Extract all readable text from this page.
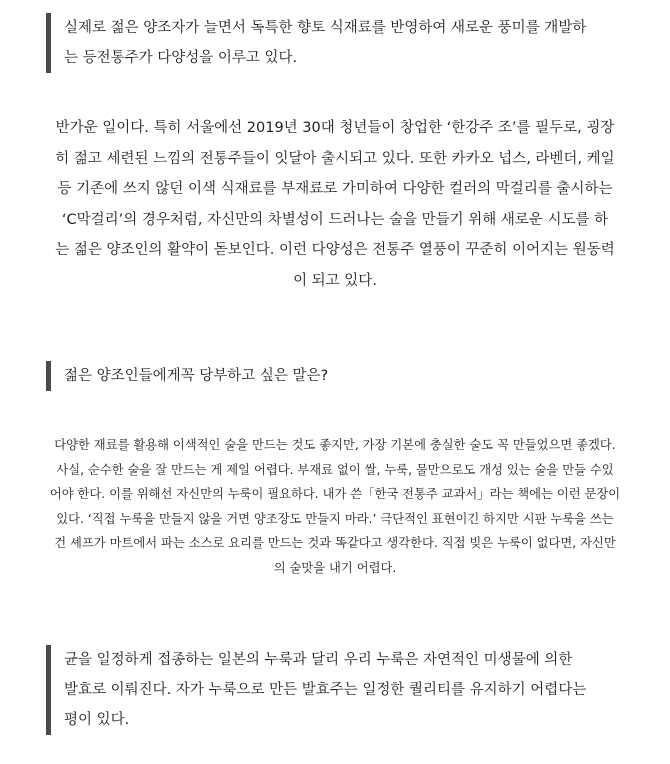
실제로 젊은 양조자가 늘면서 독특한 향토 식재료를 반영하여 새로운 풍미를 개발하
는 등전통주가 다양성을 이루고 있다.

반가운 일이다. 특히 서울에선 2019년 30대 청년들이 창업한 ‘한강주 조’를 필두로, 굉장
히 젊고 세련된 느낌의 전통주들이 잇달아 출시되고 있다. 또한 카카오 넙스, 라벤더, 케일
등 기존에 쓰지 않던 이색 식재료를 부재료로 가미하여 다양한 컬러의 막걸리를 출시하는
‘C막걸리’의 경우처럼, 자신만의 차별성이 드러나는 술을 만들기 위해 새로운 시도를 하
는 젊은 양조인의 활약이 돋보인다. 이런 다양성은 전통주 열풍이 꾸준히 이어지는 원동력
이 되고 있다.

젊은 양조인들에게꼭 당부하고 싶은 말은?

다양한 재료를 활용해 이색적인 술을 만드는 것도 좋지만, 가장 기본에 충실한 술도 꼭 만들었으면 좋겠다.
사실, 순수한 술을 잘 만드는 게 제일 어렵다. 부재료 없이 쌀, 누룩, 물만으로도 개성 있는 술을 만들 수있
어야 한다. 이를 위해선 자신만의 누룩이 필요하다. 내가 쓴「한국 전통주 교과서」라는 책에는 이런 문장이
있다. ‘직접 누룩을 만들지 않을 거면 양조장도 만들지 마라.’ 극단적인 표현이긴 하지만 시판 누룩을 쓰는
건 셰프가 마트에서 파는 소스로 요리를 만드는 것과 똑같다고 생각한다. 직접 빚은 누룩이 없다면, 자신만
의 술맛을 내기 어렵다.

균을 일정하게 접종하는 일본의 누룩과 달리 우리 누룩은 자연적인 미생물에 의한
발효로 이뤄진다. 자가 누룩으로 만든 발효주는 일정한 퀄리티를 유지하기 어렵다는
평이 있다.
